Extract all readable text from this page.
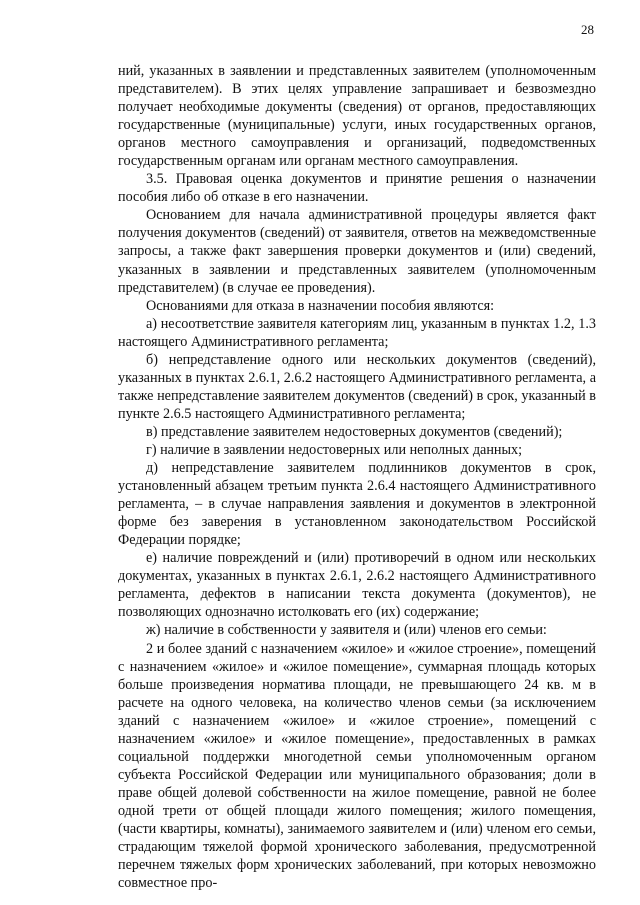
28

ний, указанных в заявлении и представленных заявителем (уполномоченным представителем). В этих целях управление запрашивает и безвозмездно получает необходимые документы (сведения) от органов, предоставляющих государственные (муниципальные) услуги, иных государственных органов, органов местного самоуправления и организаций, подведомственных государственным органам или органам местного самоуправления.

3.5. Правовая оценка документов и принятие решения о назначении пособия либо об отказе в его назначении.

Основанием для начала административной процедуры является факт получения документов (сведений) от заявителя, ответов на межведомственные запросы, а также факт завершения проверки документов и (или) сведений, указанных в заявлении и представленных заявителем (уполномоченным представителем) (в случае ее проведения).

Основаниями для отказа в назначении пособия являются:

а) несоответствие заявителя категориям лиц, указанным в пунктах 1.2, 1.3 настоящего Административного регламента;

б) непредставление одного или нескольких документов (сведений), указанных в пунктах 2.6.1, 2.6.2 настоящего Административного регламента, а также непредставление заявителем документов (сведений) в срок, указанный в пункте 2.6.5 настоящего Административного регламента;

в) представление заявителем недостоверных документов (сведений);

г) наличие в заявлении недостоверных или неполных данных;

д) непредставление заявителем подлинников документов в срок, установленный абзацем третьим пункта 2.6.4 настоящего Административного регламента, – в случае направления заявления и документов в электронной форме без заверения в установленном законодательством Российской Федерации порядке;

е) наличие повреждений и (или) противоречий в одном или нескольких документах, указанных в пунктах 2.6.1, 2.6.2 настоящего Административного регламента, дефектов в написании текста документа (документов), не позволяющих однозначно истолковать его (их) содержание;

ж) наличие в собственности у заявителя и (или) членов его семьи:

2 и более зданий с назначением «жилое» и «жилое строение», помещений с назначением «жилое» и «жилое помещение», суммарная площадь которых больше произведения норматива площади, не превышающего 24 кв. м в расчете на одного человека, на количество членов семьи (за исключением зданий с назначением «жилое» и «жилое строение», помещений с назначением «жилое» и «жилое помещение», предоставленных в рамках социальной поддержки многодетной семьи уполномоченным органом субъекта Российской Федерации или муниципального образования; доли в праве общей долевой собственности на жилое помещение, равной не более одной трети от общей площади жилого помещения; жилого помещения, (части квартиры, комнаты), занимаемого заявителем и (или) членом его семьи, страдающим тяжелой формой хронического заболевания, предусмотренной перечнем тяжелых форм хронических заболеваний, при которых невозможно совместное про-
